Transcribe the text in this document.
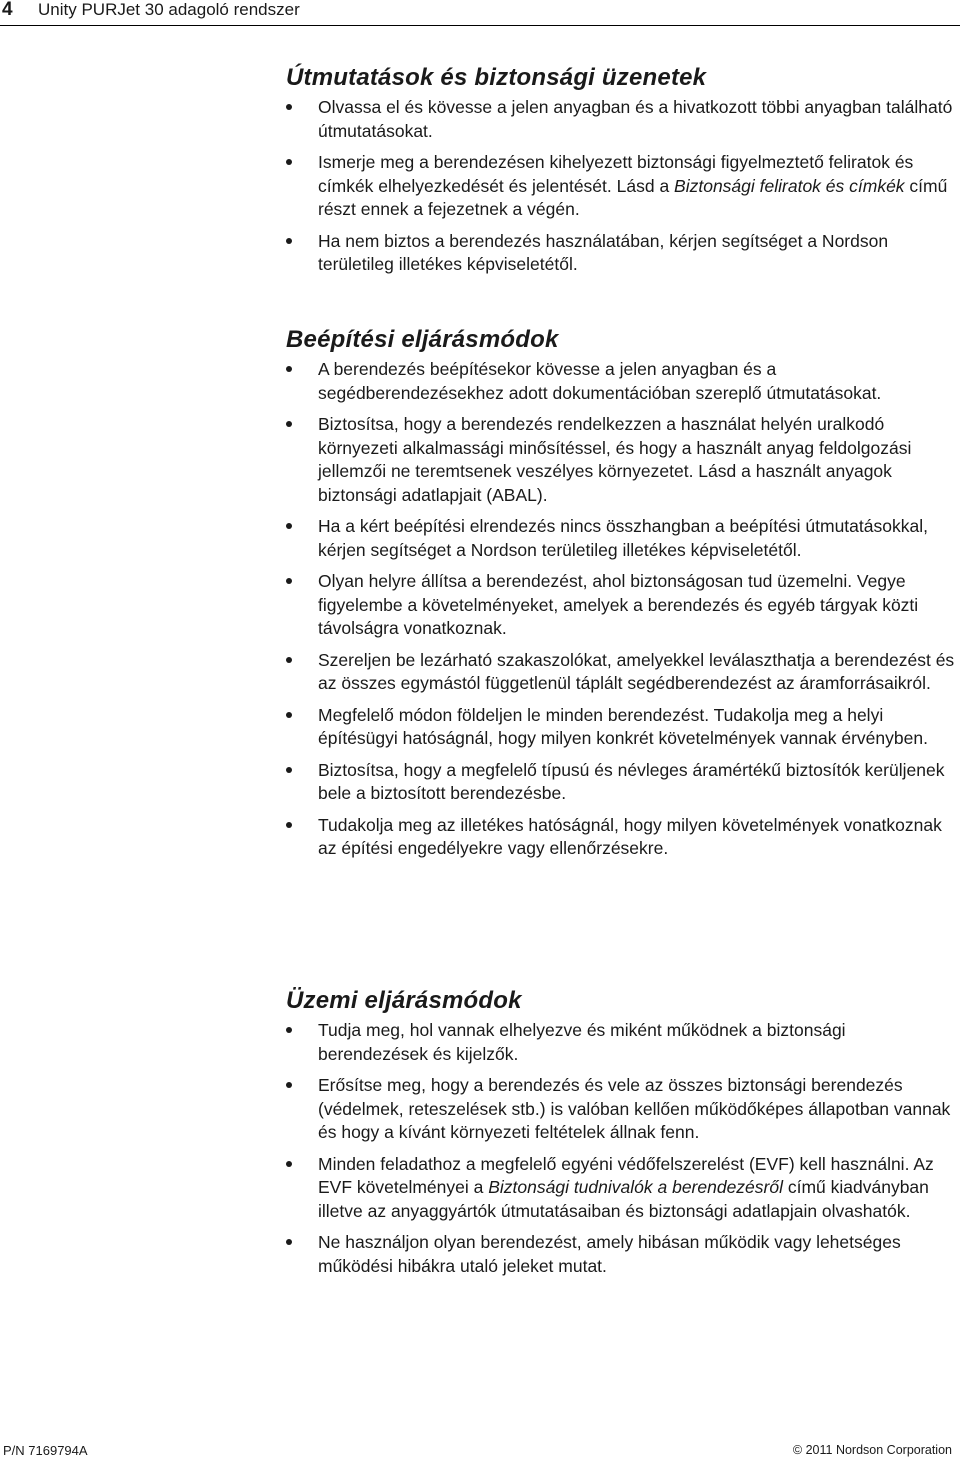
4 Unity PURJet 30 adagoló rendszer
Útmutatások és biztonsági üzenetek
Olvassa el és kövesse a jelen anyagban és a hivatkozott többi anyagban található útmutatásokat.
Ismerje meg a berendezésen kihelyezett biztonsági figyelmeztető feliratok és címkék elhelyezkedését és jelentését. Lásd a Biztonsági feliratok és címkék című részt ennek a fejezetnek a végén.
Ha nem biztos a berendezés használatában, kérjen segítséget a Nordson területileg illetékes képviseletétől.
Beépítési eljárásmódok
A berendezés beépítésekor kövesse a jelen anyagban és a segédberendezésekhez adott dokumentációban szereplő útmutatásokat.
Biztosítsa, hogy a berendezés rendelkezzen a használat helyén uralkodó környezeti alkalmassági minősítéssel, és hogy a használt anyag feldolgozási jellemzői ne teremtsenek veszélyes környezetet. Lásd a használt anyagok biztonsági adatlapjait (ABAL).
Ha a kért beépítési elrendezés nincs összhangban a beépítési útmutatásokkal, kérjen segítséget a Nordson területileg illetékes képviseletétől.
Olyan helyre állítsa a berendezést, ahol biztonságosan tud üzemelni. Vegye figyelembe a követelményeket, amelyek a berendezés és egyéb tárgyak közti távolságra vonatkoznak.
Szereljen be lezárható szakaszolókat, amelyekkel leválaszthatja a berendezést és az összes egymástól függetlenül táplált segédberendezést az áramforrásaikról.
Megfelelő módon földeljen le minden berendezést. Tudakolja meg a helyi építésügyi hatóságnál, hogy milyen konkrét követelmények vannak érvényben.
Biztosítsa, hogy a megfelelő típusú és névleges áramértékű biztosítók kerüljenek bele a biztosított berendezésbe.
Tudakolja meg az illetékes hatóságnál, hogy milyen követelmények vonatkoznak az építési engedélyekre vagy ellenőrzésekre.
Üzemi eljárásmódok
Tudja meg, hol vannak elhelyezve és miként működnek a biztonsági berendezések és kijelzők.
Erősítse meg, hogy a berendezés és vele az összes biztonsági berendezés (védelmek, reteszelések stb.) is valóban kellően működőképes állapotban vannak és hogy a kívánt környezeti feltételek állnak fenn.
Minden feladathoz a megfelelő egyéni védőfelszerelést (EVF) kell használni. Az EVF követelményei a Biztonsági tudnivalók a berendezésről című kiadványban illetve az anyaggyártók útmutatásaiban és biztonsági adatlapjain olvashatók.
Ne használjon olyan berendezést, amely hibásan működik vagy lehetséges működési hibákra utaló jeleket mutat.
P/N 7169794A	© 2011 Nordson Corporation
